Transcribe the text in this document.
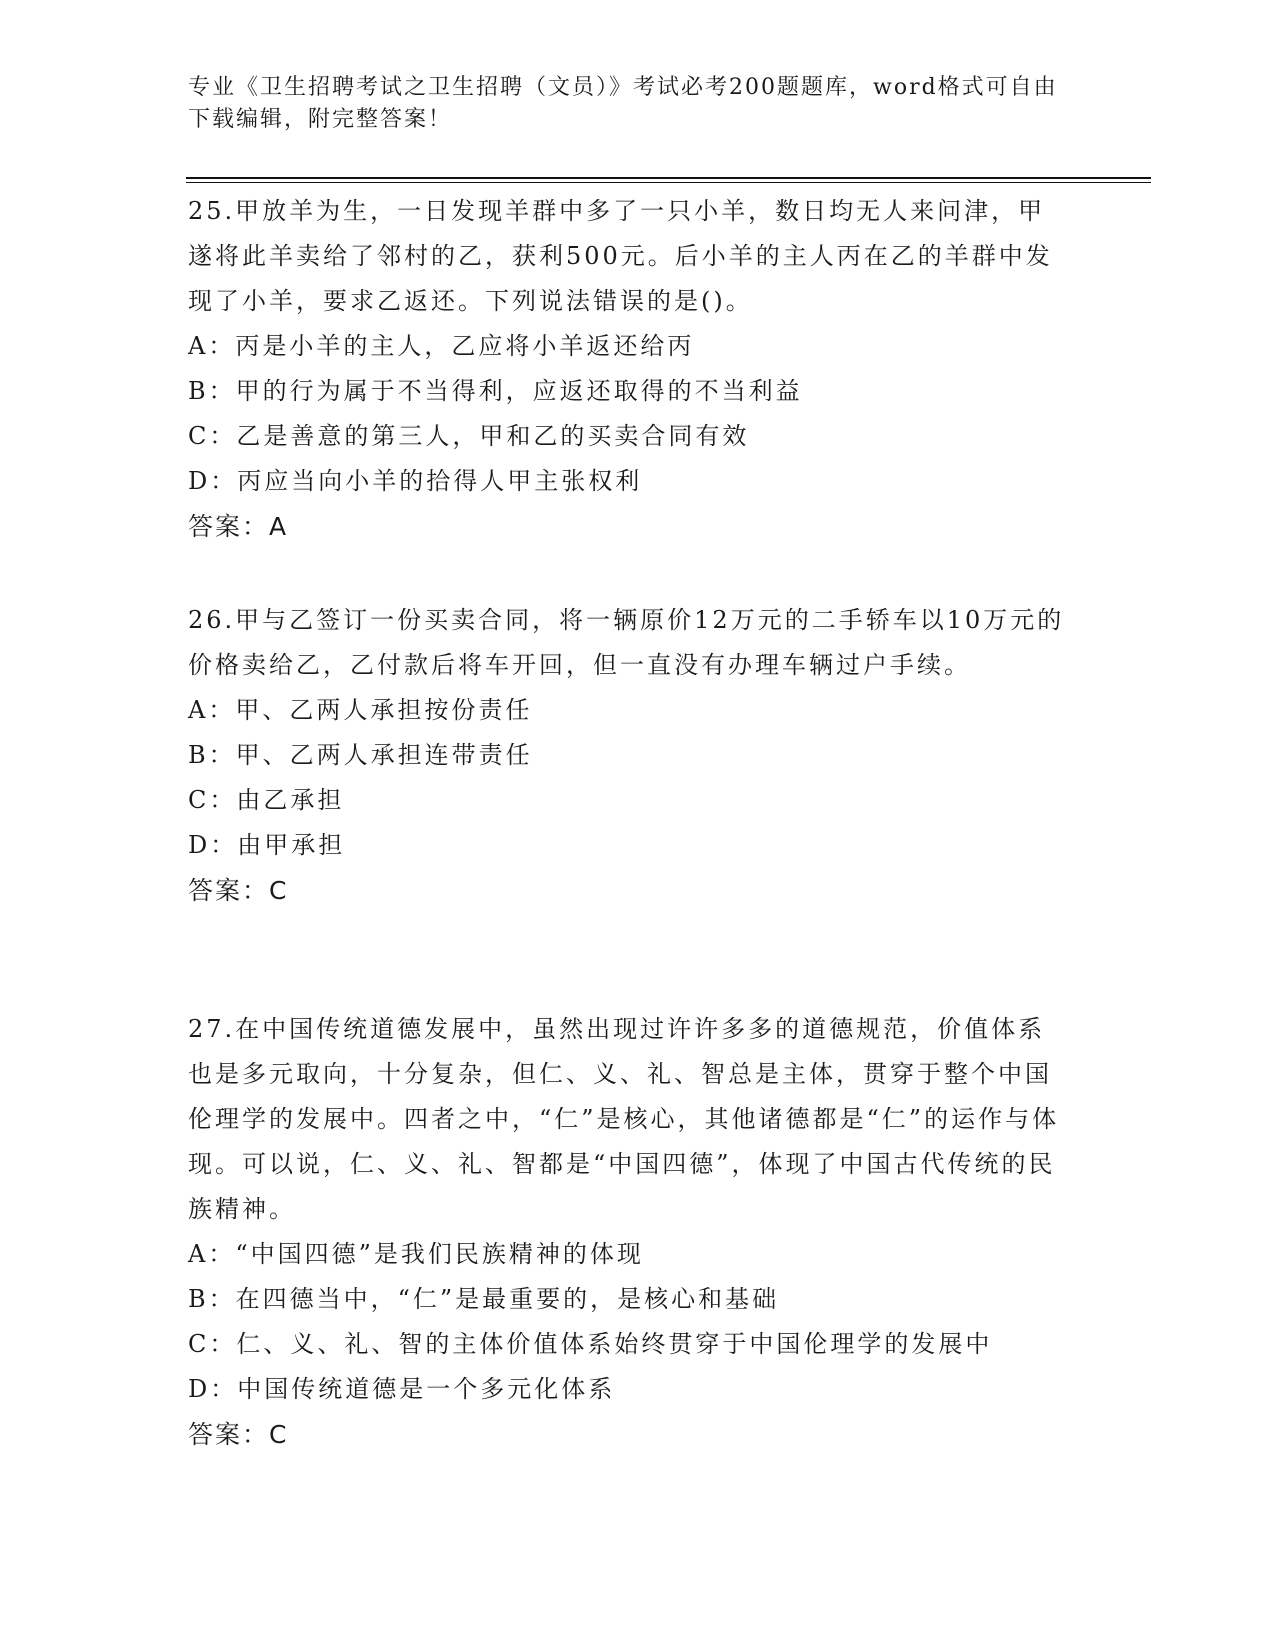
专业《卫生招聘考试之卫生招聘（文员）》考试必考200题题库，word格式可自由下载编辑，附完整答案！
25.甲放羊为生，一日发现羊群中多了一只小羊，数日均无人来问津，甲遂将此羊卖给了邻村的乙，获利500元。后小羊的主人丙在乙的羊群中发现了小羊，要求乙返还。下列说法错误的是()。
A：丙是小羊的主人，乙应将小羊返还给丙
B：甲的行为属于不当得利，应返还取得的不当利益
C：乙是善意的第三人，甲和乙的买卖合同有效
D：丙应当向小羊的拾得人甲主张权利
答案：A
26.甲与乙签订一份买卖合同，将一辆原价12万元的二手轿车以10万元的价格卖给乙，乙付款后将车开回，但一直没有办理车辆过户手续。
A：甲、乙两人承担按份责任
B：甲、乙两人承担连带责任
C：由乙承担
D：由甲承担
答案：C
27.在中国传统道德发展中，虽然出现过许许多多的道德规范，价值体系也是多元取向，十分复杂，但仁、义、礼、智总是主体，贯穿于整个中国伦理学的发展中。四者之中，“仁”是核心，其他诸德都是“仁”的运作与体现。可以说，仁、义、礼、智都是“中国四德”，体现了中国古代传统的民族精神。
A：“中国四德”是我们民族精神的体现
B：在四德当中，“仁”是最重要的，是核心和基础
C：仁、义、礼、智的主体价值体系始终贯穿于中国伦理学的发展中
D：中国传统道德是一个多元化体系
答案：C
